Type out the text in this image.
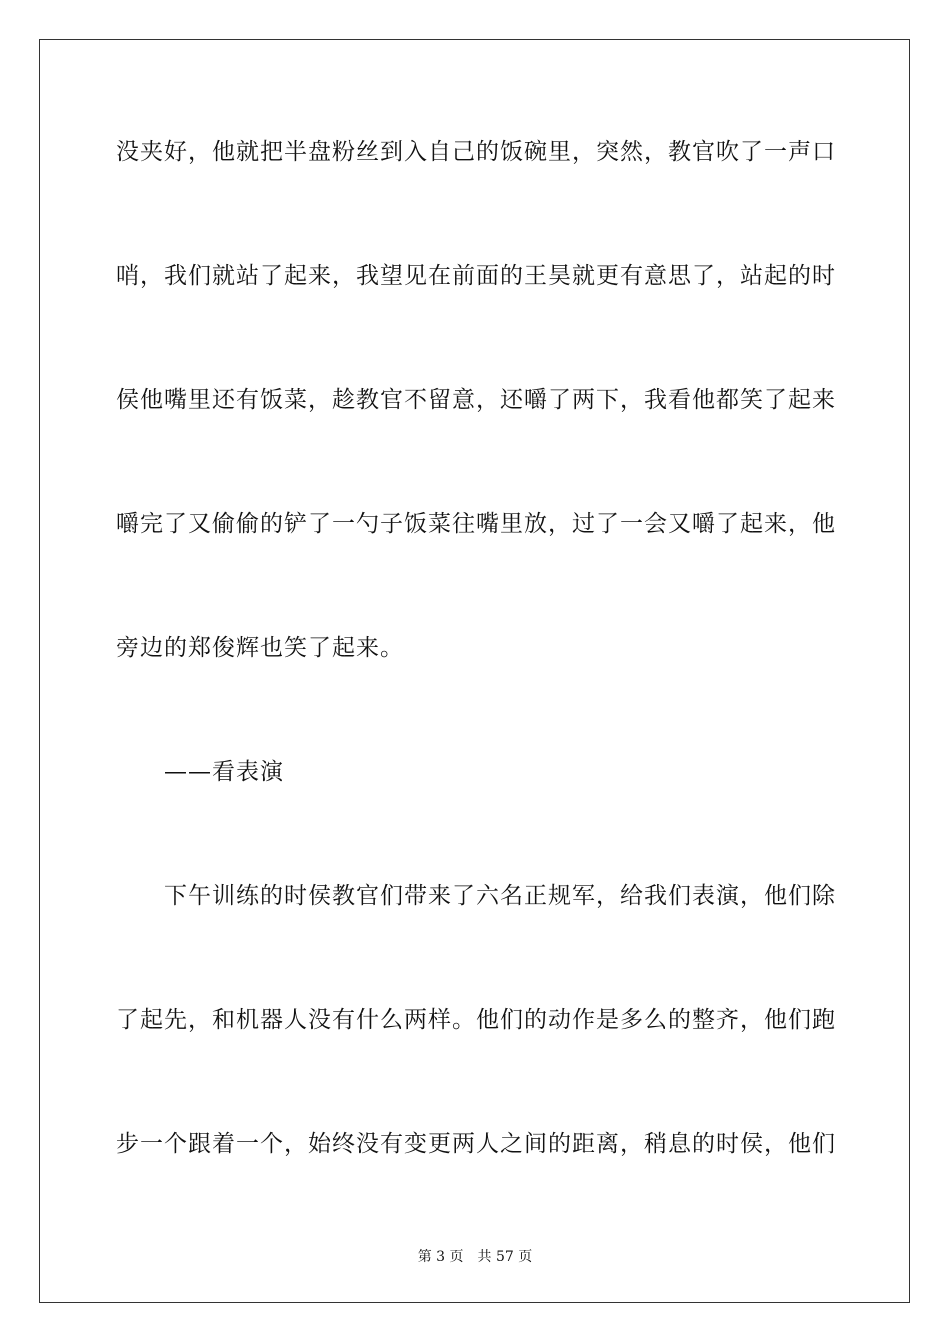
没夹好，他就把半盘粉丝到入自己的饭碗里，突然，教官吹了一声口
哨，我们就站了起来，我望见在前面的王昊就更有意思了，站起的时
侯他嘴里还有饭菜，趁教官不留意，还嚼了两下，我看他都笑了起来
嚼完了又偷偷的铲了一勺子饭菜往嘴里放，过了一会又嚼了起来，他
旁边的郑俊辉也笑了起来。
——看表演
下午训练的时侯教官们带来了六名正规军，给我们表演，他们除
了起先，和机器人没有什么两样。他们的动作是多么的整齐，他们跑
步一个跟着一个，始终没有变更两人之间的距离，稍息的时侯，他们
第 3 页 共 57 页
